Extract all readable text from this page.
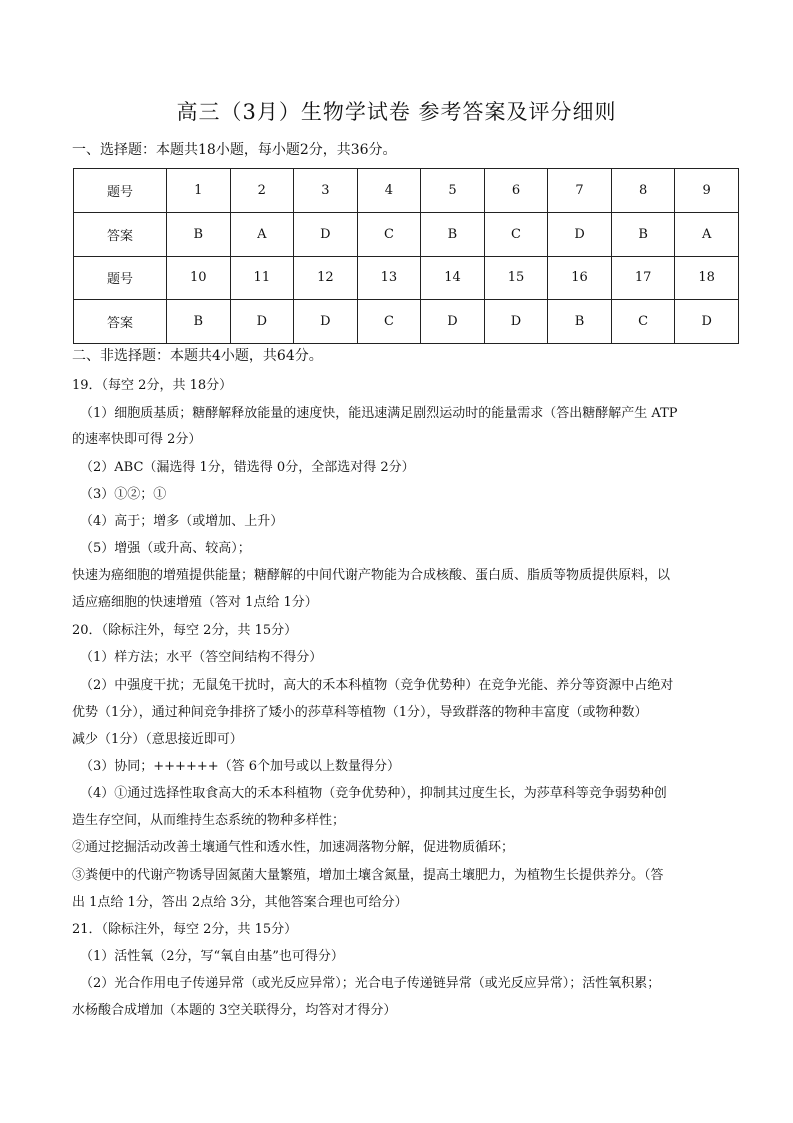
高三（3月）生物学试卷 参考答案及评分细则
一、选择题：本题共18小题，每小题2分，共36分。
题号	1	2	3	4	5	6	7	8	9
答案	B	A	D	C	B	C	D	B	A
题号	10	11	12	13	14	15	16	17	18
答案	B	D	D	C	D	D	B	C	D
二、非选择题：本题共4小题，共64分。
19．（每空 2分，共 18分）
（1）细胞质基质；糖酵解释放能量的速度快，能迅速满足剧烈运动时的能量需求（答出糖酵解产生 ATP
的速率快即可得 2分）
（2）ABC（漏选得 1分，错选得 0分，全部选对得 2分）
（3）①②；①
（4）高于；增多（或增加、上升）
（5）增强（或升高、较高）；
快速为癌细胞的增殖提供能量；糖酵解的中间代谢产物能为合成核酸、蛋白质、脂质等物质提供原料，以
适应癌细胞的快速增殖（答对 1点给 1分）
20．（除标注外，每空 2分，共 15分）
（1）样方法；水平（答空间结构不得分）
（2）中强度干扰；无鼠兔干扰时，高大的禾本科植物（竞争优势种）在竞争光能、养分等资源中占绝对
优势（1分），通过种间竞争排挤了矮小的莎草科等植物（1分），导致群落的物种丰富度（或物种数）
减少（1分）（意思接近即可）
（3）协同；++++++（答 6个加号或以上数量得分）
（4）①通过选择性取食高大的禾本科植物（竞争优势种），抑制其过度生长，为莎草科等竞争弱势种创
造生存空间，从而维持生态系统的物种多样性；
②通过挖掘活动改善土壤通气性和透水性，加速凋落物分解，促进物质循环；
③粪便中的代谢产物诱导固氮菌大量繁殖，增加土壤含氮量，提高土壤肥力，为植物生长提供养分。（答
出 1点给 1分，答出 2点给 3分，其他答案合理也可给分）
21．（除标注外，每空 2分，共 15分）
（1）活性氧（2分，写“氧自由基”也可得分）
（2）光合作用电子传递异常（或光反应异常）；光合电子传递链异常（或光反应异常）；活性氧积累；
水杨酸合成增加（本题的 3空关联得分，均答对才得分）
